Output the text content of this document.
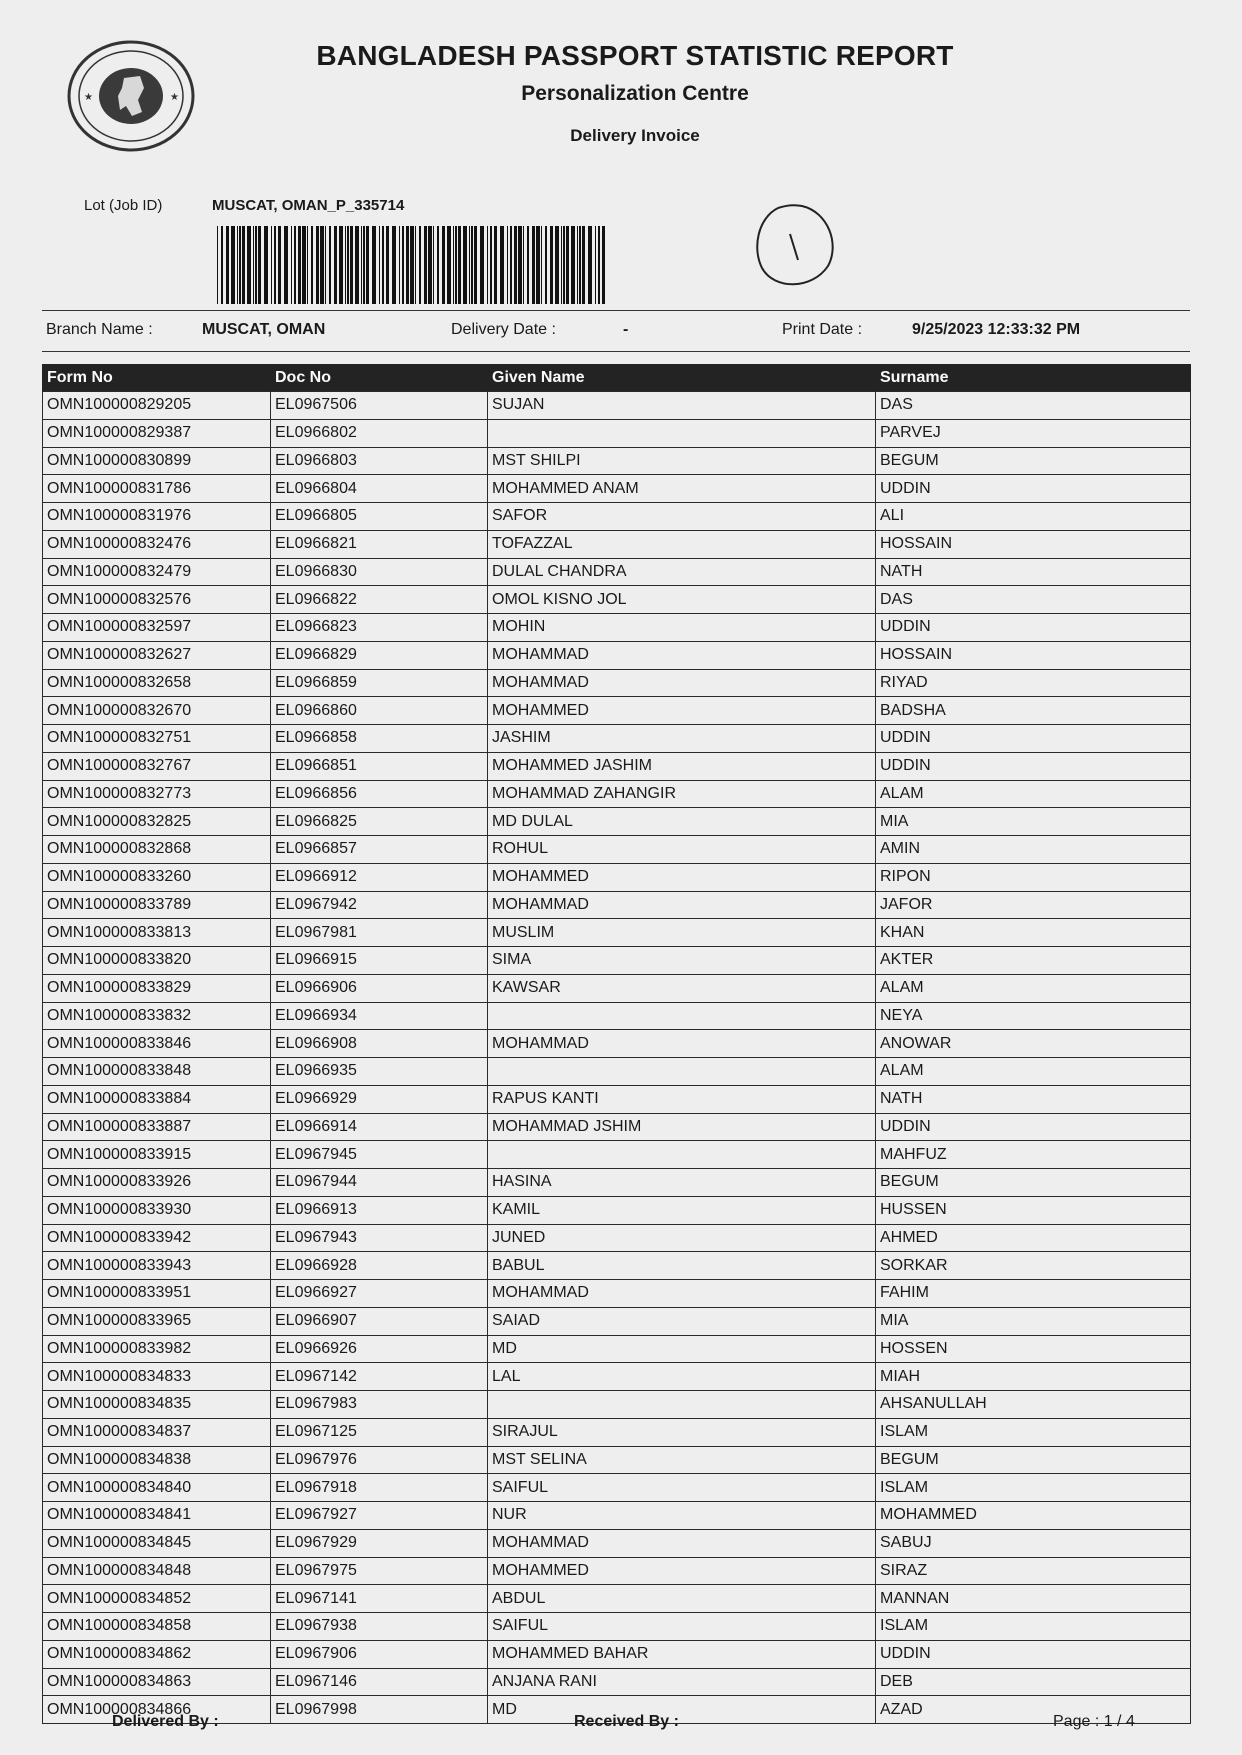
★	★
BANGLADESH PASSPORT STATISTIC REPORT
Personalization Centre
Delivery Invoice
Lot (Job ID)	MUSCAT, OMAN_P_335714
Branch Name :	MUSCAT, OMAN	Delivery Date :	-	Print Date :	9/25/2023 12:33:32 PM
Form No	Doc No	Given Name	Surname
OMN100000829205	EL0967506	SUJAN	DAS
OMN100000829387	EL0966802		PARVEJ
OMN100000830899	EL0966803	MST SHILPI	BEGUM
OMN100000831786	EL0966804	MOHAMMED ANAM	UDDIN
OMN100000831976	EL0966805	SAFOR	ALI
OMN100000832476	EL0966821	TOFAZZAL	HOSSAIN
OMN100000832479	EL0966830	DULAL CHANDRA	NATH
OMN100000832576	EL0966822	OMOL KISNO JOL	DAS
OMN100000832597	EL0966823	MOHIN	UDDIN
OMN100000832627	EL0966829	MOHAMMAD	HOSSAIN
OMN100000832658	EL0966859	MOHAMMAD	RIYAD
OMN100000832670	EL0966860	MOHAMMED	BADSHA
OMN100000832751	EL0966858	JASHIM	UDDIN
OMN100000832767	EL0966851	MOHAMMED JASHIM	UDDIN
OMN100000832773	EL0966856	MOHAMMAD ZAHANGIR	ALAM
OMN100000832825	EL0966825	MD DULAL	MIA
OMN100000832868	EL0966857	ROHUL	AMIN
OMN100000833260	EL0966912	MOHAMMED	RIPON
OMN100000833789	EL0967942	MOHAMMAD	JAFOR
OMN100000833813	EL0967981	MUSLIM	KHAN
OMN100000833820	EL0966915	SIMA	AKTER
OMN100000833829	EL0966906	KAWSAR	ALAM
OMN100000833832	EL0966934		NEYA
OMN100000833846	EL0966908	MOHAMMAD	ANOWAR
OMN100000833848	EL0966935		ALAM
OMN100000833884	EL0966929	RAPUS KANTI	NATH
OMN100000833887	EL0966914	MOHAMMAD JSHIM	UDDIN
OMN100000833915	EL0967945		MAHFUZ
OMN100000833926	EL0967944	HASINA	BEGUM
OMN100000833930	EL0966913	KAMIL	HUSSEN
OMN100000833942	EL0967943	JUNED	AHMED
OMN100000833943	EL0966928	BABUL	SORKAR
OMN100000833951	EL0966927	MOHAMMAD	FAHIM
OMN100000833965	EL0966907	SAIAD	MIA
OMN100000833982	EL0966926	MD	HOSSEN
OMN100000834833	EL0967142	LAL	MIAH
OMN100000834835	EL0967983		AHSANULLAH
OMN100000834837	EL0967125	SIRAJUL	ISLAM
OMN100000834838	EL0967976	MST SELINA	BEGUM
OMN100000834840	EL0967918	SAIFUL	ISLAM
OMN100000834841	EL0967927	NUR	MOHAMMED
OMN100000834845	EL0967929	MOHAMMAD	SABUJ
OMN100000834848	EL0967975	MOHAMMED	SIRAZ
OMN100000834852	EL0967141	ABDUL	MANNAN
OMN100000834858	EL0967938	SAIFUL	ISLAM
OMN100000834862	EL0967906	MOHAMMED BAHAR	UDDIN
OMN100000834863	EL0967146	ANJANA RANI	DEB
OMN100000834866	EL0967998	MD	AZAD
Delivered By :	Received By :	Page : 1 / 4
